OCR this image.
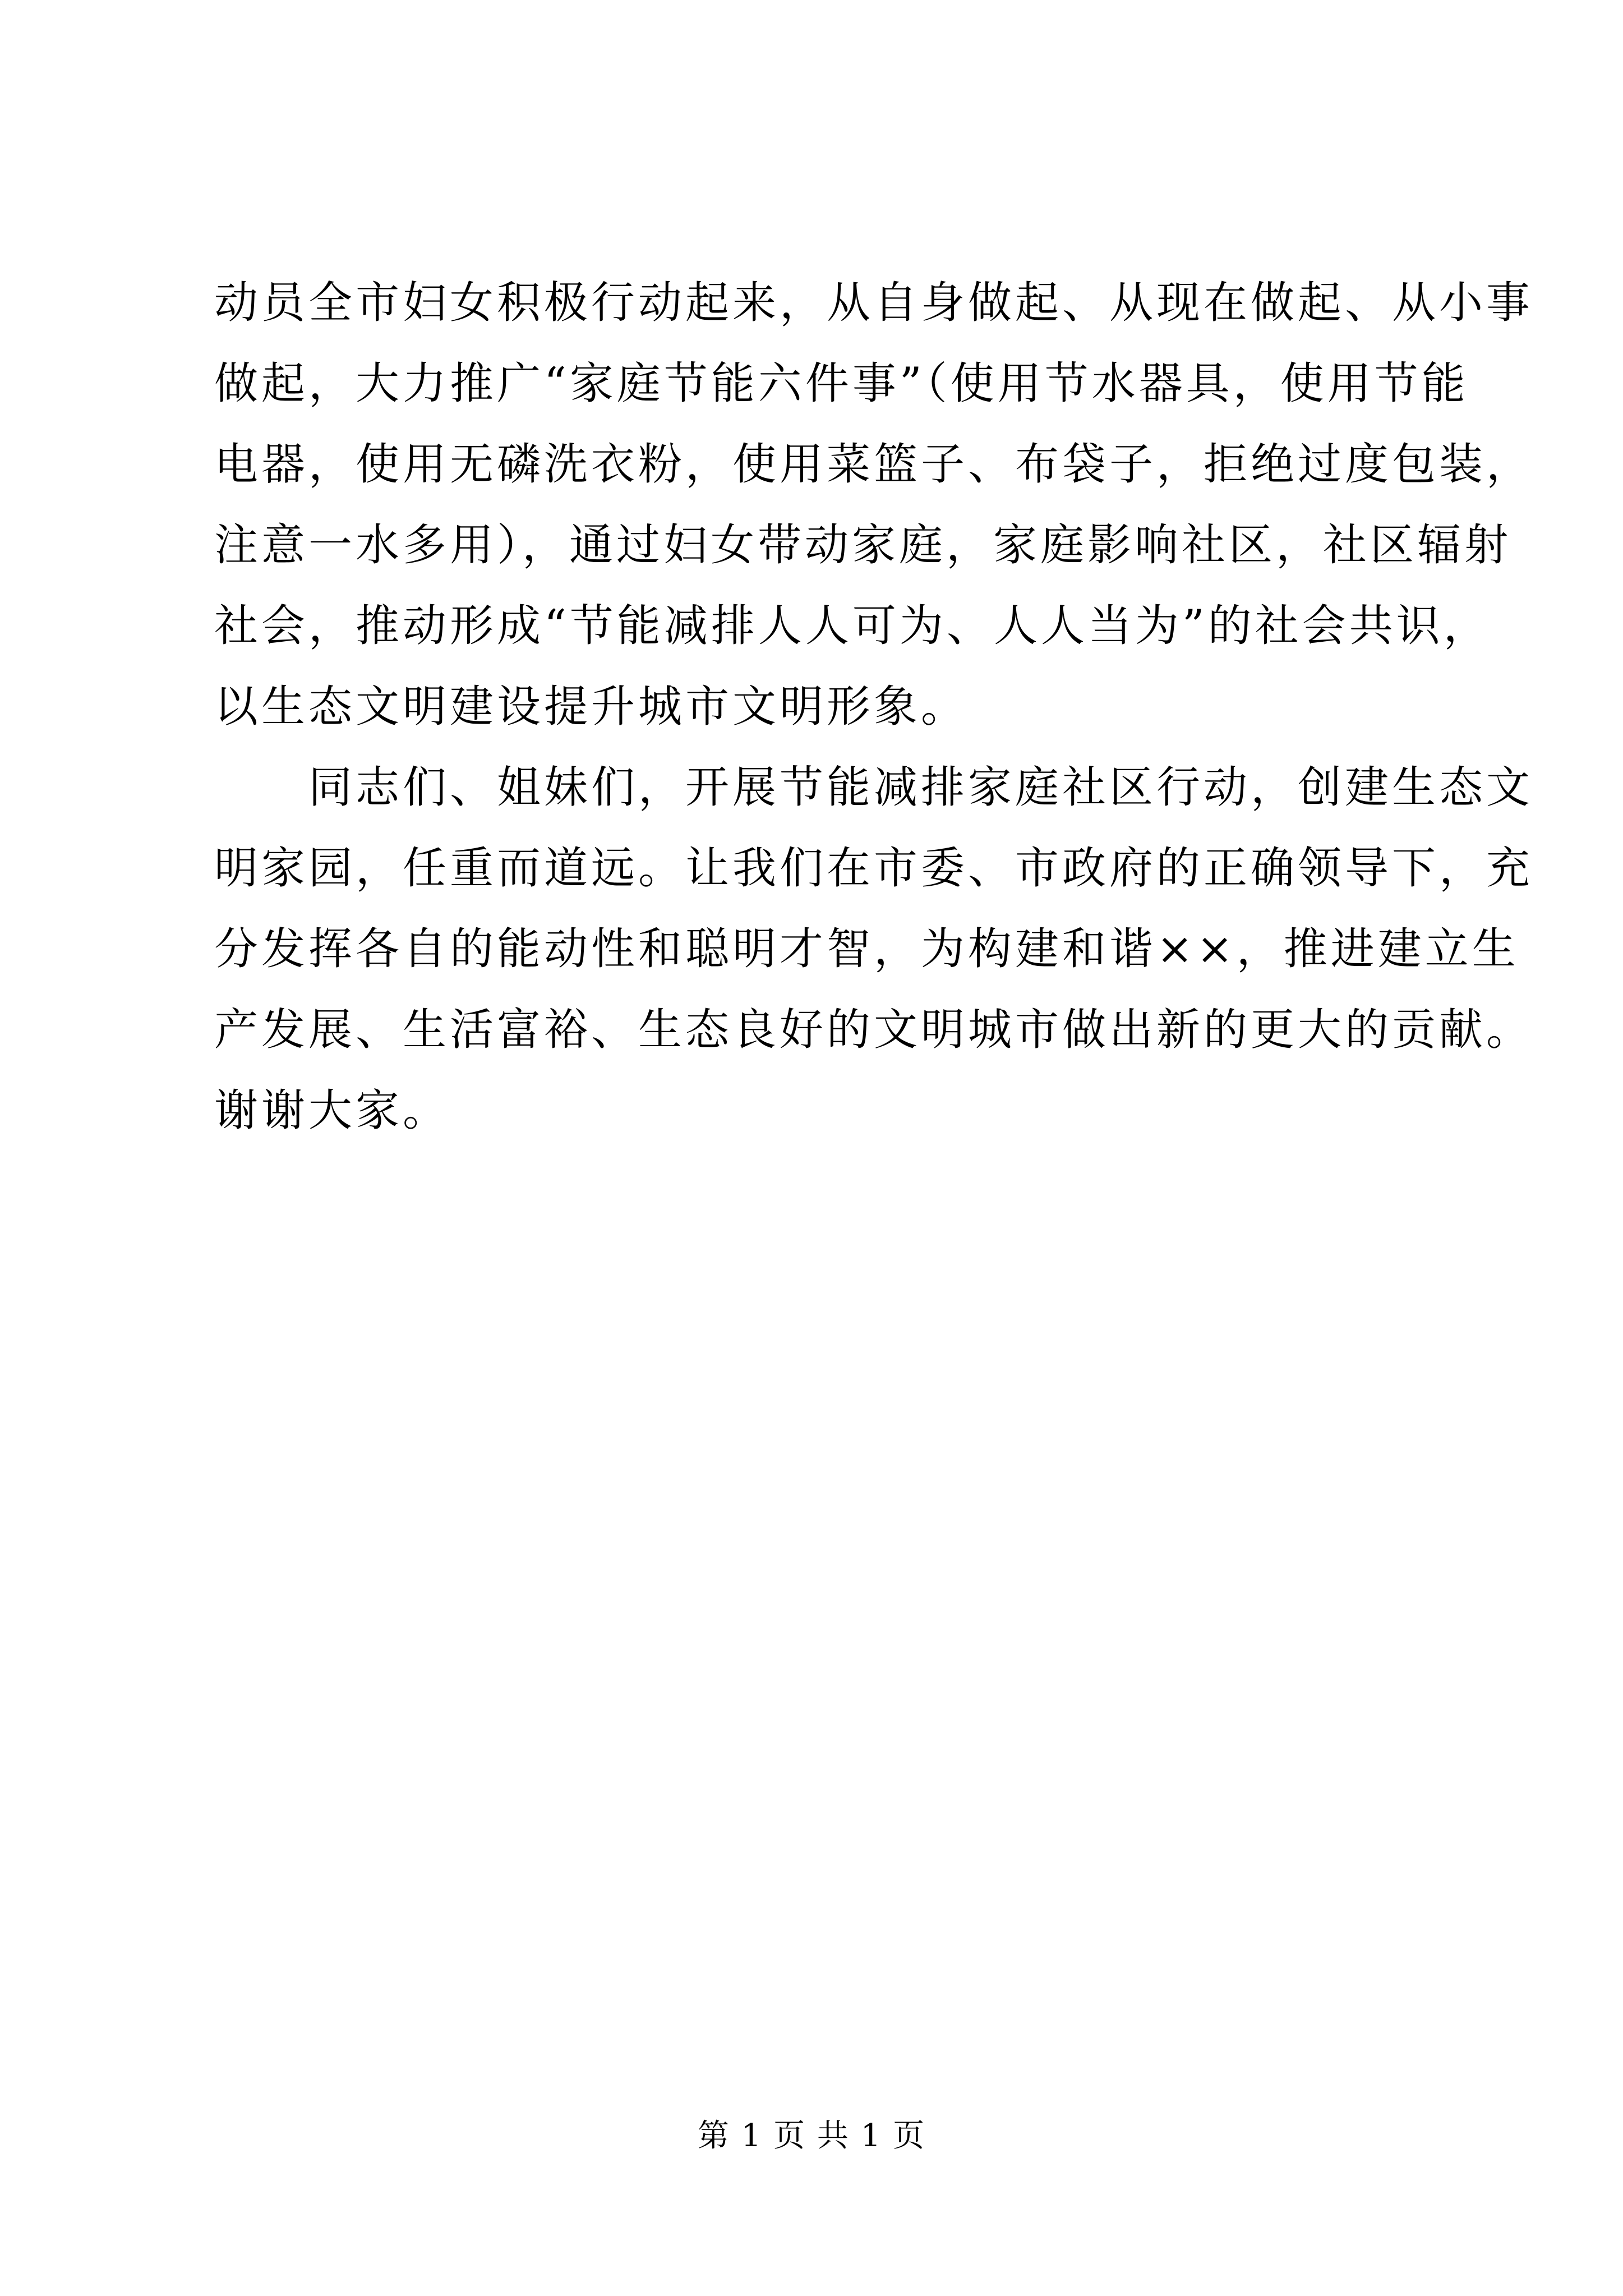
动员全市妇女积极行动起来，从自身做起、从现在做起、从小事
做起，大力推广“家庭节能六件事”（使用节水器具，使用节能
电器，使用无磷洗衣粉，使用菜篮子、布袋子，拒绝过度包装，
注意一水多用），通过妇女带动家庭，家庭影响社区，社区辐射
社会，推动形成“节能减排人人可为、人人当为”的社会共识，
以生态文明建设提升城市文明形象。

同志们、姐妹们，开展节能减排家庭社区行动，创建生态文
明家园，任重而道远。让我们在市委、市政府的正确领导下，充
分发挥各自的能动性和聪明才智，为构建和谐××，推进建立生
产发展、生活富裕、生态良好的文明城市做出新的更大的贡献。
谢谢大家。

第 1 页 共 1 页
